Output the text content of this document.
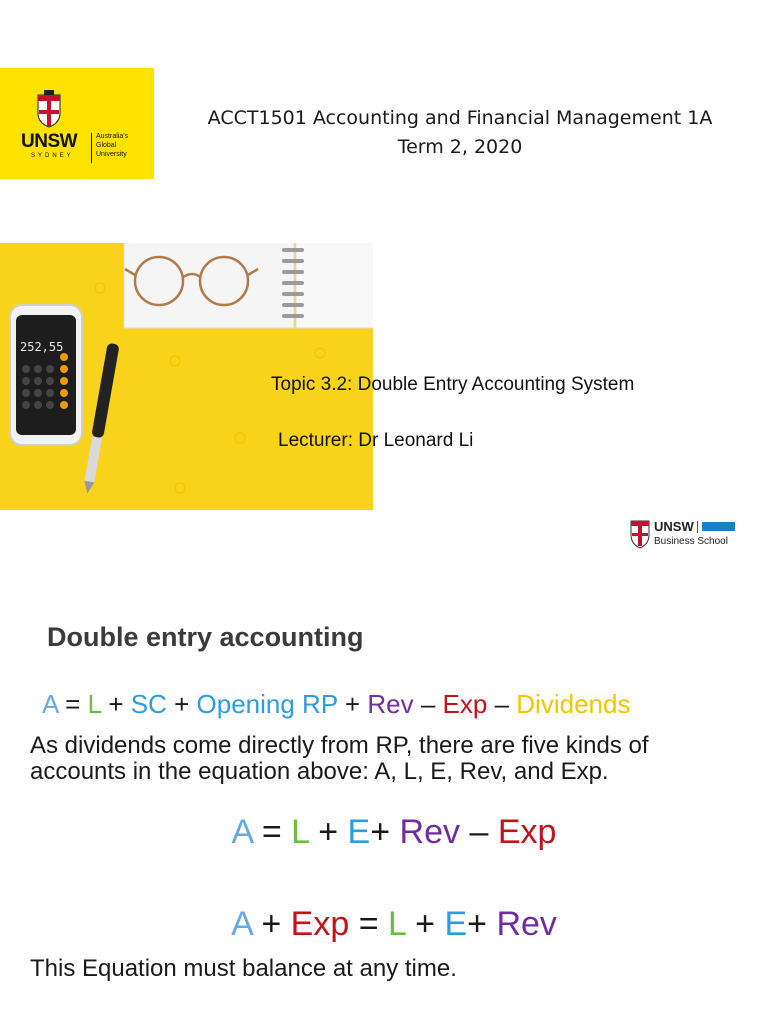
UNSW
SYDNEY
Australia's
Global
University
ACCT1501 Accounting and Financial Management 1A
Term 2, 2020
252,55
Topic 3.2: Double Entry Accounting System
Lecturer: Dr Leonard Li
UNSW
Business School
Double entry accounting
A = L + SC + Opening RP + Rev – Exp – Dividends
As dividends come directly from RP, there are five kinds of accounts in the equation above: A, L, E, Rev, and Exp.
A = L + E+ Rev – Exp
A + Exp = L + E+ Rev
This Equation must balance at any time.
